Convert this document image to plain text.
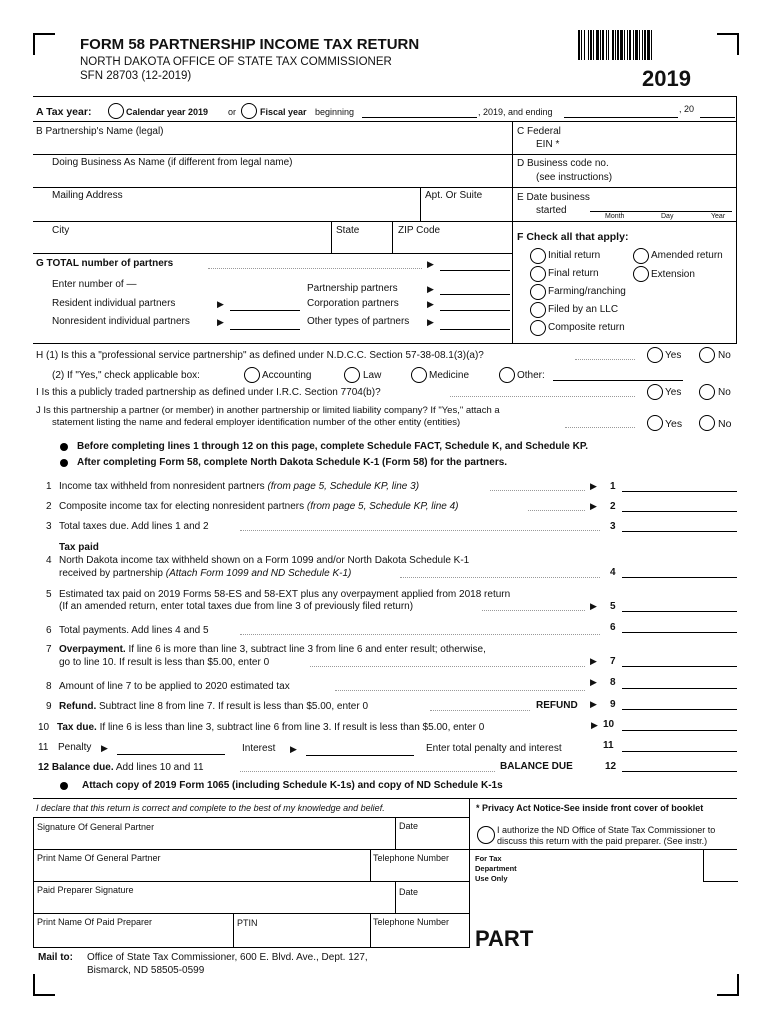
FORM 58 PARTNERSHIP INCOME TAX RETURN
NORTH DAKOTA OFFICE OF STATE TAX COMMISSIONER
SFN 28703 (12-2019)	2019
A Tax year:	Calendar year 2019 or	Fiscal year beginning	, 2019, and ending	, 20
B Partnership's Name (legal)
Doing Business As Name (if different from legal name)
Mailing Address	Apt. Or Suite
City	State	ZIP Code
C Federal
EIN *
D Business code no.
(see instructions)
E Date business
started
Month	Day	Year
F Check all that apply:
Initial return	Amended return
Final return	Extension
Farming/ranching
Filed by an LLC
Composite return
G TOTAL number of partners	▶
Enter number of —
Resident individual partners	▶
Nonresident individual partners	▶
Partnership partners	▶
Corporation partners	▶
Other types of partners ▶
H (1) Is this a "professional service partnership" as defined under N.D.C.C. Section 57-38-08.1(3)(a)?	Yes	No
(2) If "Yes," check applicable box:	Accounting	Law	Medicine	Other:
I Is this a publicly traded partnership as defined under I.R.C. Section 7704(b)?	Yes	No
J Is this partnership a partner (or member) in another partnership or limited liability company? If "Yes," attach a
statement listing the name and federal employer identification number of the other entity (entities)	Yes	No
Before completing lines 1 through 12 on this page, complete Schedule FACT, Schedule K, and Schedule KP.
After completing Form 58, complete North Dakota Schedule K-1 (Form 58) for the partners.
1 Income tax withheld from nonresident partners (from page 5, Schedule KP, line 3)	▶ 1
2 Composite income tax for electing nonresident partners (from page 5, Schedule KP, line 4)	▶ 2
3 Total taxes due. Add lines 1 and 2	3
Tax paid
4 North Dakota income tax withheld shown on a Form 1099 and/or North Dakota Schedule K-1
received by partnership (Attach Form 1099 and ND Schedule K-1)	4
5 Estimated tax paid on 2019 Forms 58-ES and 58-EXT plus any overpayment applied from 2018 return
(If an amended return, enter total taxes due from line 3 of previously filed return)	▶ 5
6 Total payments. Add lines 4 and 5	6
7 Overpayment. If line 6 is more than line 3, subtract line 3 from line 6 and enter result; otherwise,
go to line 10. If result is less than $5.00, enter 0	▶ 7
8 Amount of line 7 to be applied to 2020 estimated tax	▶ 8
9 Refund. Subtract line 8 from line 7. If result is less than $5.00, enter 0	REFUND ▶ 9
10 Tax due. If line 6 is less than line 3, subtract line 6 from line 3. If result is less than $5.00, enter 0	▶ 10
11 Penalty ▶	Interest ▶	Enter total penalty and interest	11
12 Balance due. Add lines 10 and 11	BALANCE DUE	12
Attach copy of 2019 Form 1065 (including Schedule K-1s) and copy of ND Schedule K-1s
I declare that this return is correct and complete to the best of my knowledge and belief.	* Privacy Act Notice-See inside front cover of booklet
Signature Of General Partner	Date
Print Name Of General Partner	Telephone Number
Paid Preparer Signature	Date
Print Name Of Paid Preparer	PTIN	Telephone Number
I authorize the ND Office of State Tax Commissioner to
discuss this return with the paid preparer. (See instr.)
For Tax
Department
Use Only
PART
Mail to: Office of State Tax Commissioner, 600 E. Blvd. Ave., Dept. 127,
Bismarck, ND 58505-0599
